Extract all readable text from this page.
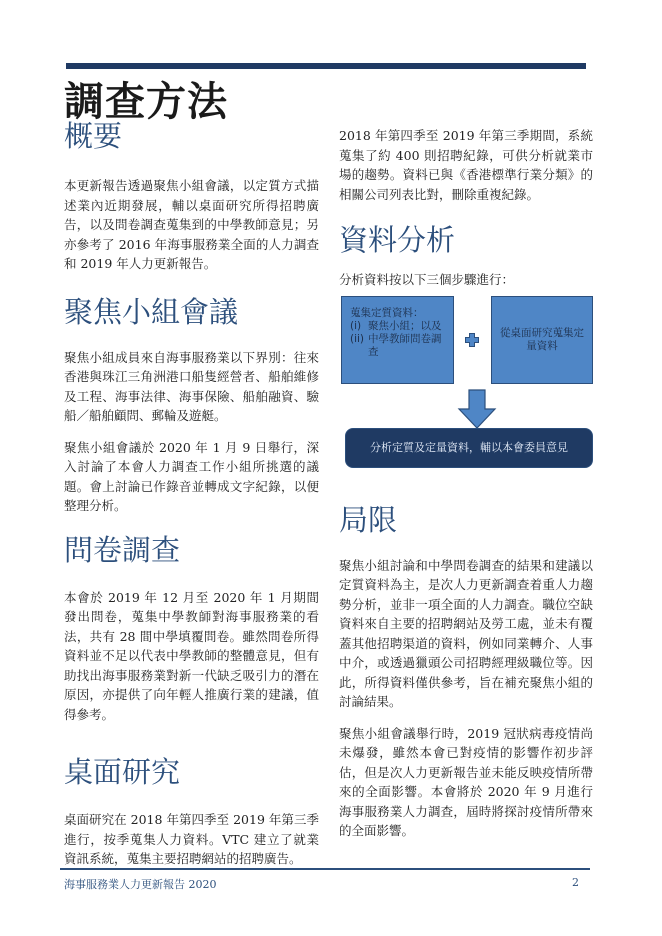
調查方法
概要

本更新報告透過聚焦小組會議，以定質方式描述業內近期發展，輔以桌面研究所得招聘廣告，以及問卷調查蒐集到的中學教師意見；另亦參考了 2016 年海事服務業全面的人力調查和 2019 年人力更新報告。

聚焦小組會議

聚焦小組成員來自海事服務業以下界別：往來香港與珠江三角洲港口船隻經營者、船舶維修及工程、海事法律、海事保險、船舶融資、驗船／船舶顧問、郵輪及遊艇。

聚焦小組會議於 2020 年 1 月 9 日舉行，深入討論了本會人力調查工作小組所挑選的議題。會上討論已作錄音並轉成文字紀錄，以便整理分析。

問卷調查

本會於 2019 年 12 月至 2020 年 1 月期間發出問卷，蒐集中學教師對海事服務業的看法，共有 28 間中學填覆問卷。雖然問卷所得資料並不足以代表中學教師的整體意見，但有助找出海事服務業對新一代缺乏吸引力的潛在原因，亦提供了向年輕人推廣行業的建議，值得參考。

桌面研究

桌面研究在 2018 年第四季至 2019 年第三季進行，按季蒐集人力資料。VTC 建立了就業資訊系統，蒐集主要招聘網站的招聘廣告。

2018 年第四季至 2019 年第三季期間，系統蒐集了約 400 則招聘紀錄，可供分析就業市場的趨勢。資料已與《香港標準行業分類》的相關公司列表比對，刪除重複紀錄。

資料分析

分析資料按以下三個步驟進行：

蒐集定質資料：
(i) 聚焦小組；以及
(ii) 中學教師問卷調查
從桌面研究蒐集定量資料
分析定質及定量資料，輔以本會委員意見
局限

聚焦小組討論和中學問卷調查的結果和建議以定質資料為主，是次人力更新調查着重人力趨勢分析，並非一項全面的人力調查。職位空缺資料來自主要的招聘網站及勞工處，並未有覆蓋其他招聘渠道的資料，例如同業轉介、人事中介，或透過獵頭公司招聘經理級職位等。因此，所得資料僅供參考，旨在補充聚焦小組的討論結果。

聚焦小組會議舉行時，2019 冠狀病毒疫情尚未爆發，雖然本會已對疫情的影響作初步評估，但是次人力更新報告並未能反映疫情所帶來的全面影響。本會將於 2020 年 9 月進行海事服務業人力調查，屆時將探討疫情所帶來的全面影響。

海事服務業人力更新報告 2020	2
